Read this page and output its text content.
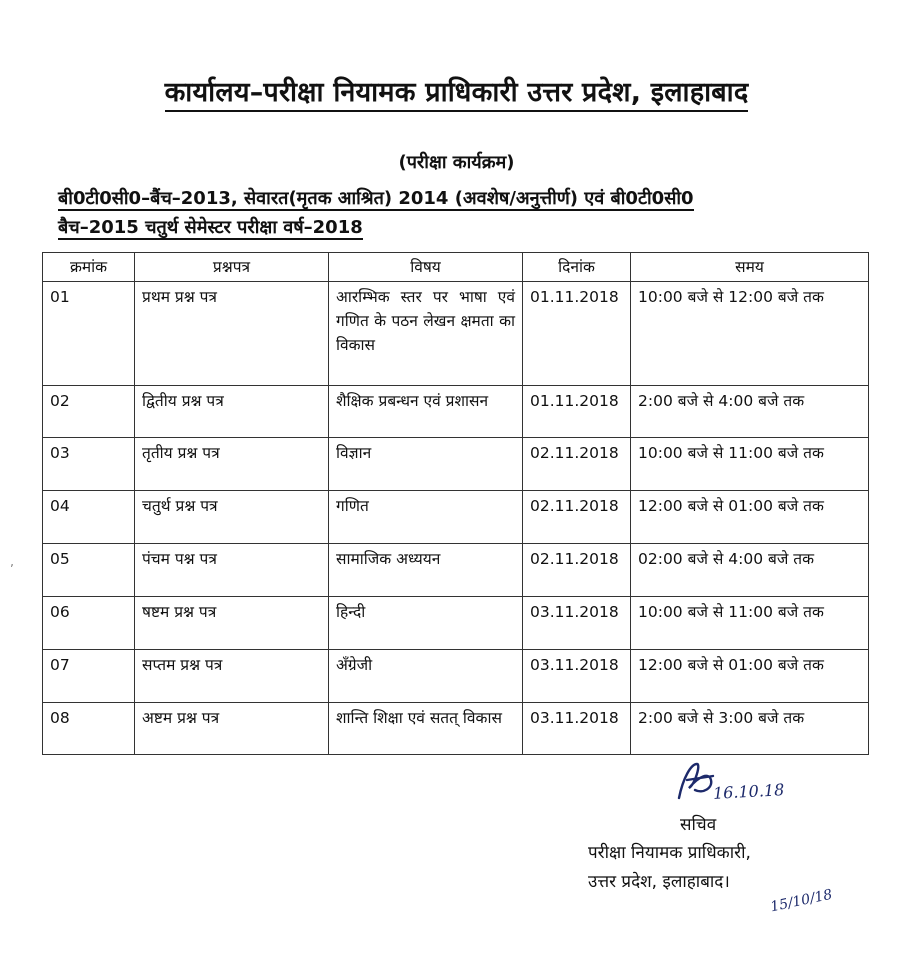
कार्यालय–परीक्षा नियामक प्राधिकारी उत्तर प्रदेश, इलाहाबाद
(परीक्षा कार्यक्रम)
बी0टी0सी0–बैंच–2013, सेवारत(मृतक आश्रित) 2014 (अवशेष/अनुत्तीर्ण) एवं बी0टी0सी0
बैच–2015 चतुर्थ सेमेस्टर परीक्षा वर्ष–2018
क्रमांक	प्रश्नपत्र	विषय	दिनांक	समय
01	प्रथम प्रश्न पत्र	आरम्भिक स्तर पर भाषा एवं गणित के पठन लेखन क्षमता का विकास	01.11.2018	10:00 बजे से 12:00 बजे तक
02	द्वितीय प्रश्न पत्र	शैक्षिक प्रबन्धन एवं प्रशासन	01.11.2018	2:00 बजे से 4:00 बजे तक
03	तृतीय प्रश्न पत्र	विज्ञान	02.11.2018	10:00 बजे से 11:00 बजे तक
04	चतुर्थ प्रश्न पत्र	गणित	02.11.2018	12:00 बजे से 01:00 बजे तक
05	पंचम पश्न पत्र	सामाजिक अध्ययन	02.11.2018	02:00 बजे से 4:00 बजे तक
06	षष्टम प्रश्न पत्र	हिन्दी	03.11.2018	10:00 बजे से 11:00 बजे तक
07	सप्तम प्रश्न पत्र	अँग्रेजी	03.11.2018	12:00 बजे से 01:00 बजे तक
08	अष्टम प्रश्न पत्र	शान्ति शिक्षा एवं सतत् विकास	03.11.2018	2:00 बजे से 3:00 बजे तक
ʼ
16.10.18
सचिव
परीक्षा नियामक प्राधिकारी,
उत्तर प्रदेश, इलाहाबाद।
15/10/18
